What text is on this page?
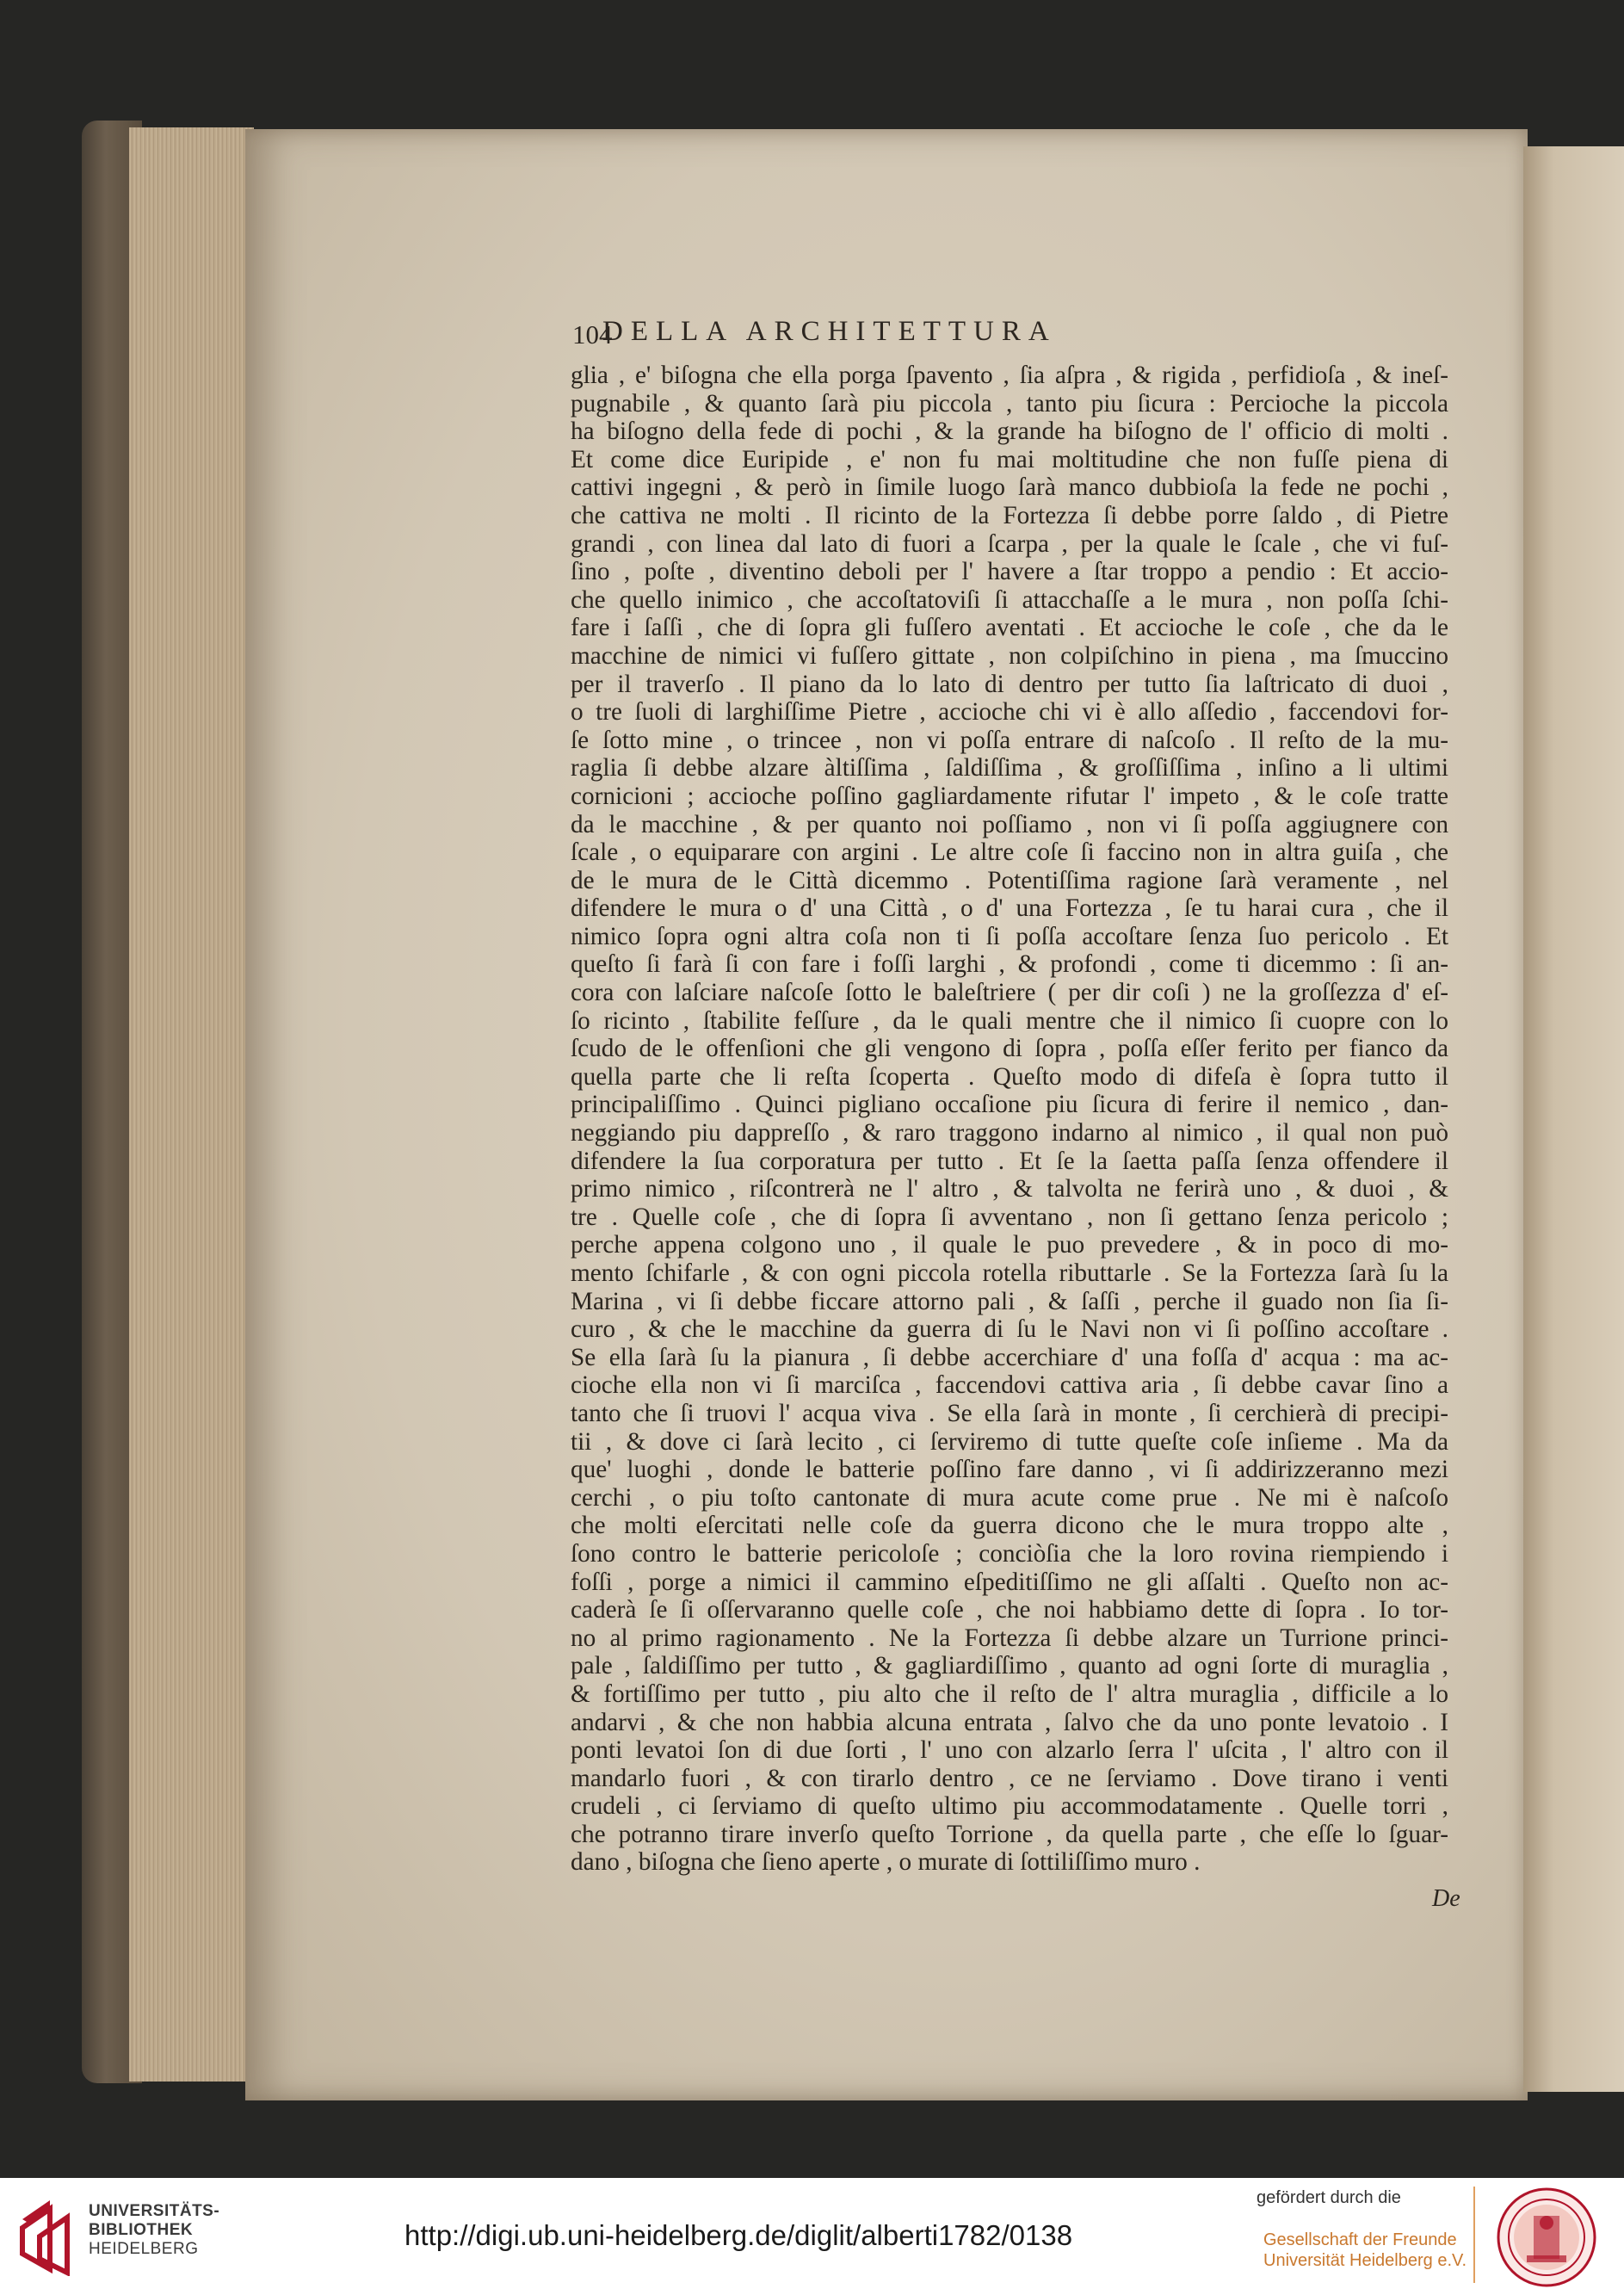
104
DELLA ARCHITETTURA
glia , e' biſogna che ella porga ſpavento , ſia aſpra , & rigida , perfidioſa , & ineſ-
pugnabile , & quanto ſarà piu piccola , tanto piu ſicura : Percioche la piccola
ha biſogno della fede di pochi , & la grande ha biſogno de l' officio di molti .
Et come dice Euripide , e' non fu mai moltitudine che non fuſſe piena di
cattivi ingegni , & però in ſimile luogo ſarà manco dubbioſa la fede ne pochi ,
che cattiva ne molti . Il ricinto de la Fortezza ſi debbe porre ſaldo , di Pietre
grandi , con linea dal lato di fuori a ſcarpa , per la quale le ſcale , che vi fuſ-
ſino , poſte , diventino deboli per l' havere a ſtar troppo a pendio : Et accio-
che quello inimico , che accoſtatoviſi ſi attacchaſſe a le mura , non poſſa ſchi-
fare i ſaſſi , che di ſopra gli fuſſero aventati . Et accioche le coſe , che da le
macchine de nimici vi fuſſero gittate , non colpiſchino in piena , ma ſmuccino
per il traverſo . Il piano da lo lato di dentro per tutto ſia laſtricato di duoi ,
o tre ſuoli di larghiſſime Pietre , accioche chi vi è allo aſſedio , faccendovi for-
ſe ſotto mine , o trincee , non vi poſſa entrare di naſcoſo . Il reſto de la mu-
raglia ſi debbe alzare àltiſſima , ſaldiſſima , & groſſiſſima , inſino a li ultimi
cornicioni ; accioche poſſino gagliardamente rifutar l' impeto , & le coſe tratte
da le macchine , & per quanto noi poſſiamo , non vi ſi poſſa aggiugnere con
ſcale , o equiparare con argini . Le altre coſe ſi faccino non in altra guiſa , che
de le mura de le Città dicemmo . Potentiſſima ragione ſarà veramente , nel
difendere le mura o d' una Città , o d' una Fortezza , ſe tu harai cura , che il
nimico ſopra ogni altra coſa non ti ſi poſſa accoſtare ſenza ſuo pericolo . Et
queſto ſi farà ſi con fare i foſſi larghi , & profondi , come ti dicemmo : ſi an-
cora con laſciare naſcoſe ſotto le baleſtriere ( per dir coſi ) ne la groſſezza d' eſ-
ſo ricinto , ſtabilite feſſure , da le quali mentre che il nimico ſi cuopre con lo
ſcudo de le offenſioni che gli vengono di ſopra , poſſa eſſer ferito per fianco da
quella parte che li reſta ſcoperta . Queſto modo di difeſa è ſopra tutto il
principaliſſimo . Quinci pigliano occaſione piu ſicura di ferire il nemico , dan-
neggiando piu dappreſſo , & raro traggono indarno al nimico , il qual non può
difendere la ſua corporatura per tutto . Et ſe la ſaetta paſſa ſenza offendere il
primo nimico , riſcontrerà ne l' altro , & talvolta ne ferirà uno , & duoi , &
tre . Quelle coſe , che di ſopra ſi avventano , non ſi gettano ſenza pericolo ;
perche appena colgono uno , il quale le puo prevedere , & in poco di mo-
mento ſchifarle , & con ogni piccola rotella ributtarle . Se la Fortezza ſarà ſu la
Marina , vi ſi debbe ficcare attorno pali , & ſaſſi , perche il guado non ſia ſi-
curo , & che le macchine da guerra di ſu le Navi non vi ſi poſſino accoſtare .
Se ella ſarà ſu la pianura , ſi debbe accerchiare d' una foſſa d' acqua : ma ac-
cioche ella non vi ſi marciſca , faccendovi cattiva aria , ſi debbe cavar ſino a
tanto che ſi truovi l' acqua viva . Se ella ſarà in monte , ſi cerchierà di precipi-
tii , & dove ci ſarà lecito , ci ſerviremo di tutte queſte coſe inſieme . Ma da
que' luoghi , donde le batterie poſſino fare danno , vi ſi addirizzeranno mezi
cerchi , o piu toſto cantonate di mura acute come prue . Ne mi è naſcoſo
che molti eſercitati nelle coſe da guerra dicono che le mura troppo alte ,
ſono contro le batterie pericoloſe ; conciòſia che la loro rovina riempiendo i
foſſi , porge a nimici il cammino eſpeditiſſimo ne gli aſſalti . Queſto non ac-
caderà ſe ſi oſſervaranno quelle coſe , che noi habbiamo dette di ſopra . Io tor-
no al primo ragionamento . Ne la Fortezza ſi debbe alzare un Turrione princi-
pale , ſaldiſſimo per tutto , & gagliardiſſimo , quanto ad ogni ſorte di muraglia ,
& fortiſſimo per tutto , piu alto che il reſto de l' altra muraglia , difficile a lo
andarvi , & che non habbia alcuna entrata , ſalvo che da uno ponte levatoio . I
ponti levatoi ſon di due ſorti , l' uno con alzarlo ſerra l' uſcita , l' altro con il
mandarlo fuori , & con tirarlo dentro , ce ne ſerviamo . Dove tirano i venti
crudeli , ci ſerviamo di queſto ultimo piu accommodatamente . Quelle torri ,
che potranno tirare inverſo queſto Torrione , da quella parte , che eſſe lo ſguar-
dano , biſogna che ſieno aperte , o murate di ſottiliſſimo muro .
De
UNIVERSITÄTS-
BIBLIOTHEK
HEIDELBERG	http://digi.ub.uni-heidelberg.de/diglit/alberti1782/0138
gefördert durch die
Gesellschaft der Freunde
Universität Heidelberg e.V.
